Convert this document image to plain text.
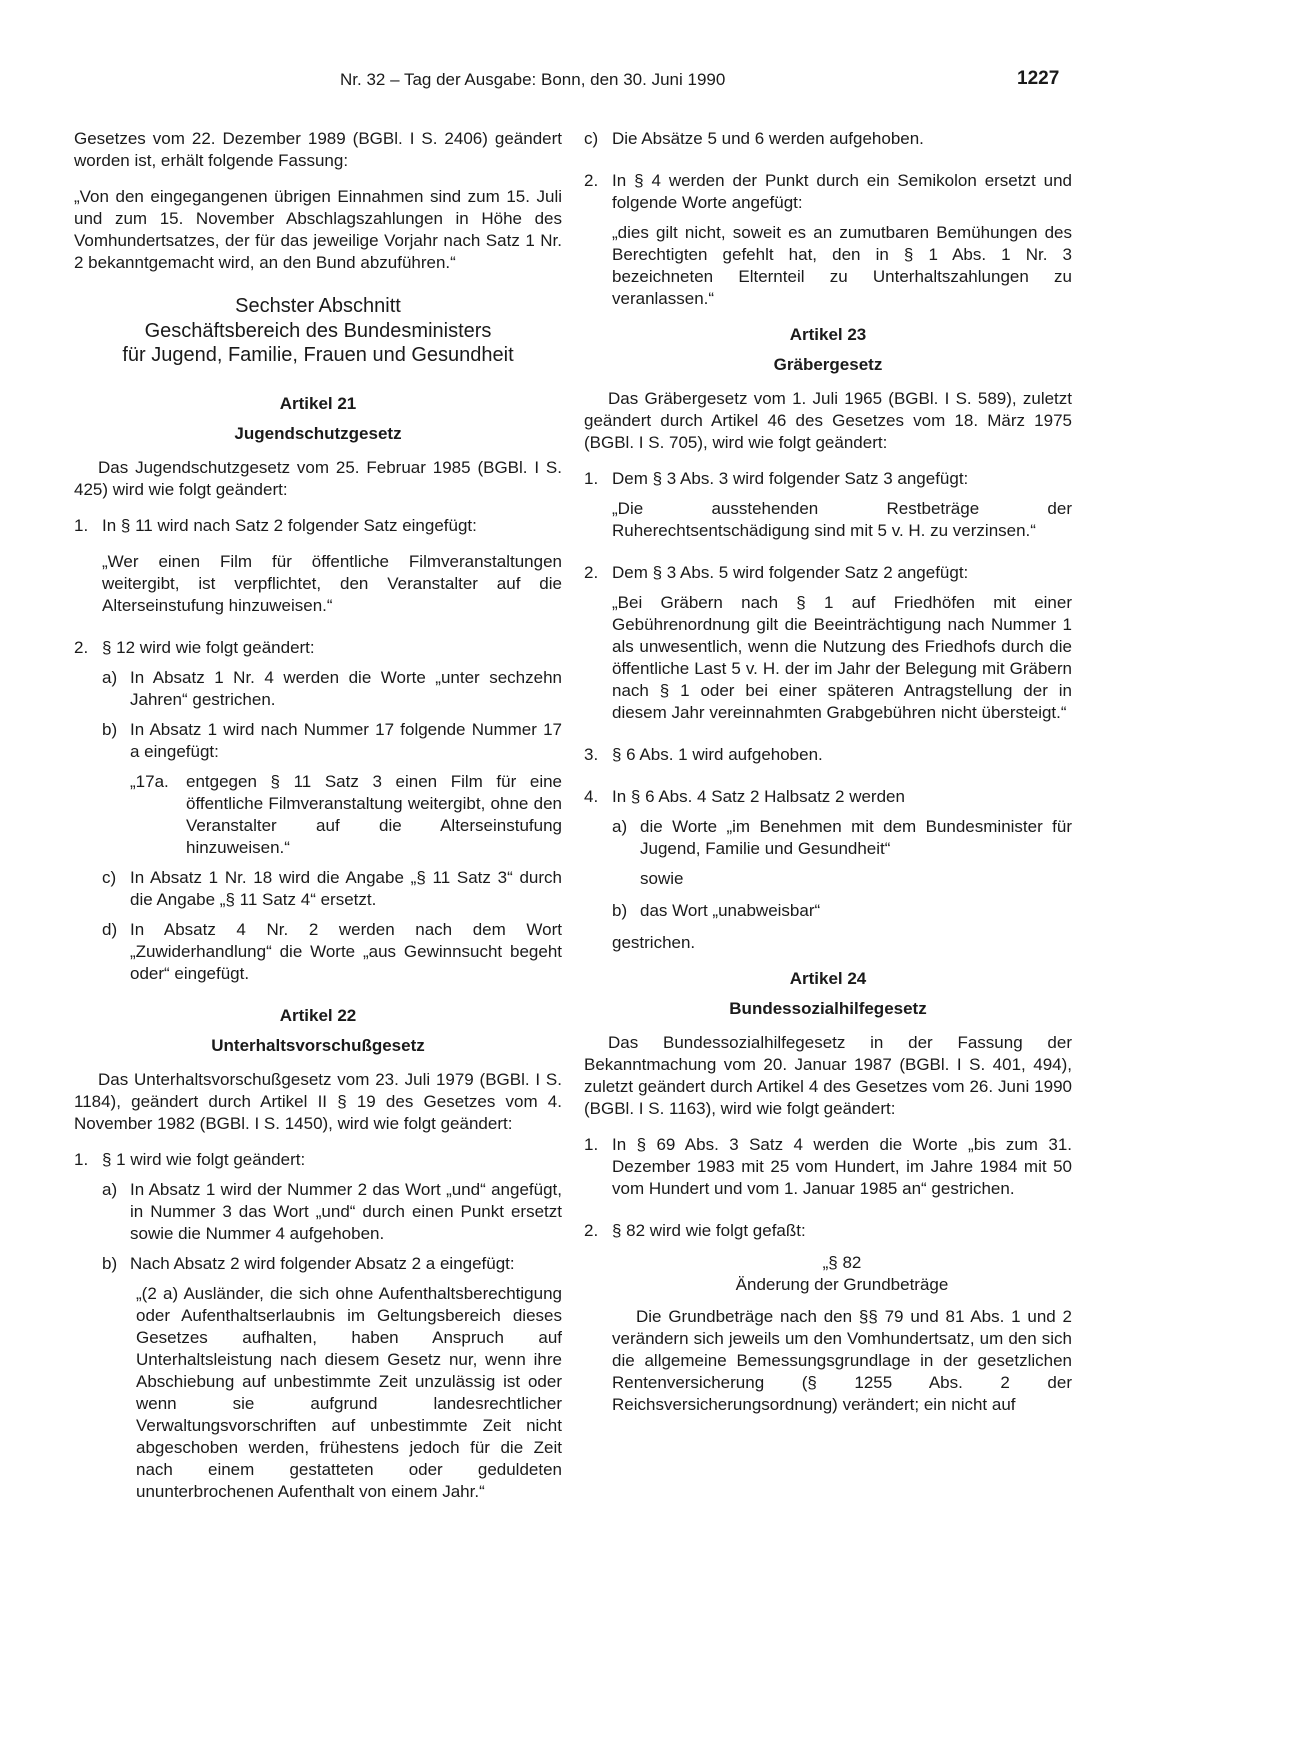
Nr. 32 – Tag der Ausgabe: Bonn, den 30. Juni 1990	1227

Gesetzes vom 22. Dezember 1989 (BGBl. I S. 2406) geändert worden ist, erhält folgende Fassung:

„Von den eingegangenen übrigen Einnahmen sind zum 15. Juli und zum 15. November Abschlagszahlungen in Höhe des Vomhundertsatzes, der für das jeweilige Vorjahr nach Satz 1 Nr. 2 bekanntgemacht wird, an den Bund abzuführen.“

Sechster Abschnitt

Geschäftsbereich des Bundesministers
für Jugend, Familie, Frauen und Gesundheit

Artikel 21

Jugendschutzgesetz

Das Jugendschutzgesetz vom 25. Februar 1985 (BGBl. I S. 425) wird wie folgt geändert:

1. In § 11 wird nach Satz 2 folgender Satz eingefügt:

„Wer einen Film für öffentliche Filmveranstaltungen weitergibt, ist verpflichtet, den Veranstalter auf die Alterseinstufung hinzuweisen.“

2. § 12 wird wie folgt geändert:
a) In Absatz 1 Nr. 4 werden die Worte „unter sechzehn Jahren“ gestrichen.
b) In Absatz 1 wird nach Nummer 17 folgende Nummer 17 a eingefügt:
„17a. entgegen § 11 Satz 3 einen Film für eine öffentliche Filmveranstaltung weitergibt, ohne den Veranstalter auf die Alterseinstufung hinzuweisen.“
c) In Absatz 1 Nr. 18 wird die Angabe „§ 11 Satz 3“ durch die Angabe „§ 11 Satz 4“ ersetzt.
d) In Absatz 4 Nr. 2 werden nach dem Wort „Zuwiderhandlung“ die Worte „aus Gewinnsucht begeht oder“ eingefügt.

Artikel 22

Unterhaltsvorschußgesetz

Das Unterhaltsvorschußgesetz vom 23. Juli 1979 (BGBl. I S. 1184), geändert durch Artikel II § 19 des Gesetzes vom 4. November 1982 (BGBl. I S. 1450), wird wie folgt geändert:

1. § 1 wird wie folgt geändert:
a) In Absatz 1 wird der Nummer 2 das Wort „und“ angefügt, in Nummer 3 das Wort „und“ durch einen Punkt ersetzt sowie die Nummer 4 aufgehoben.
b) Nach Absatz 2 wird folgender Absatz 2 a eingefügt:

„(2 a) Ausländer, die sich ohne Aufenthaltsberechtigung oder Aufenthaltserlaubnis im Geltungsbereich dieses Gesetzes aufhalten, haben Anspruch auf Unterhaltsleistung nach diesem Gesetz nur, wenn ihre Abschiebung auf unbestimmte Zeit unzulässig ist oder wenn sie aufgrund landesrechtlicher Verwaltungsvorschriften auf unbestimmte Zeit nicht abgeschoben werden, frühestens jedoch für die Zeit nach einem gestatteten oder geduldeten ununterbrochenen Aufenthalt von einem Jahr.“

c) Die Absätze 5 und 6 werden aufgehoben.
2. In § 4 werden der Punkt durch ein Semikolon ersetzt und folgende Worte angefügt:

„dies gilt nicht, soweit es an zumutbaren Bemühungen des Berechtigten gefehlt hat, den in § 1 Abs. 1 Nr. 3 bezeichneten Elternteil zu Unterhaltszahlungen zu veranlassen.“

Artikel 23

Gräbergesetz

Das Gräbergesetz vom 1. Juli 1965 (BGBl. I S. 589), zuletzt geändert durch Artikel 46 des Gesetzes vom 18. März 1975 (BGBl. I S. 705), wird wie folgt geändert:

1. Dem § 3 Abs. 3 wird folgender Satz 3 angefügt:

„Die ausstehenden Restbeträge der Ruherechtsentschädigung sind mit 5 v. H. zu verzinsen.“

2. Dem § 3 Abs. 5 wird folgender Satz 2 angefügt:

„Bei Gräbern nach § 1 auf Friedhöfen mit einer Gebührenordnung gilt die Beeinträchtigung nach Nummer 1 als unwesentlich, wenn die Nutzung des Friedhofs durch die öffentliche Last 5 v. H. der im Jahr der Belegung mit Gräbern nach § 1 oder bei einer späteren Antragstellung der in diesem Jahr vereinnahmten Grabgebühren nicht übersteigt.“

3. § 6 Abs. 1 wird aufgehoben.
4. In § 6 Abs. 4 Satz 2 Halbsatz 2 werden
a) die Worte „im Benehmen mit dem Bundesminister für Jugend, Familie und Gesundheit“

sowie

b) das Wort „unabweisbar“

gestrichen.

Artikel 24

Bundessozialhilfegesetz

Das Bundessozialhilfegesetz in der Fassung der Bekanntmachung vom 20. Januar 1987 (BGBl. I S. 401, 494), zuletzt geändert durch Artikel 4 des Gesetzes vom 26. Juni 1990 (BGBl. I S. 1163), wird wie folgt geändert:

1. In § 69 Abs. 3 Satz 4 werden die Worte „bis zum 31. Dezember 1983 mit 25 vom Hundert, im Jahre 1984 mit 50 vom Hundert und vom 1. Januar 1985 an“ gestrichen.
2. § 82 wird wie folgt gefaßt:

„§ 82

Änderung der Grundbeträge

Die Grundbeträge nach den §§ 79 und 81 Abs. 1 und 2 verändern sich jeweils um den Vomhundertsatz, um den sich die allgemeine Bemessungsgrundlage in der gesetzlichen Rentenversicherung (§ 1255 Abs. 2 der Reichsversicherungsordnung) verändert; ein nicht auf
